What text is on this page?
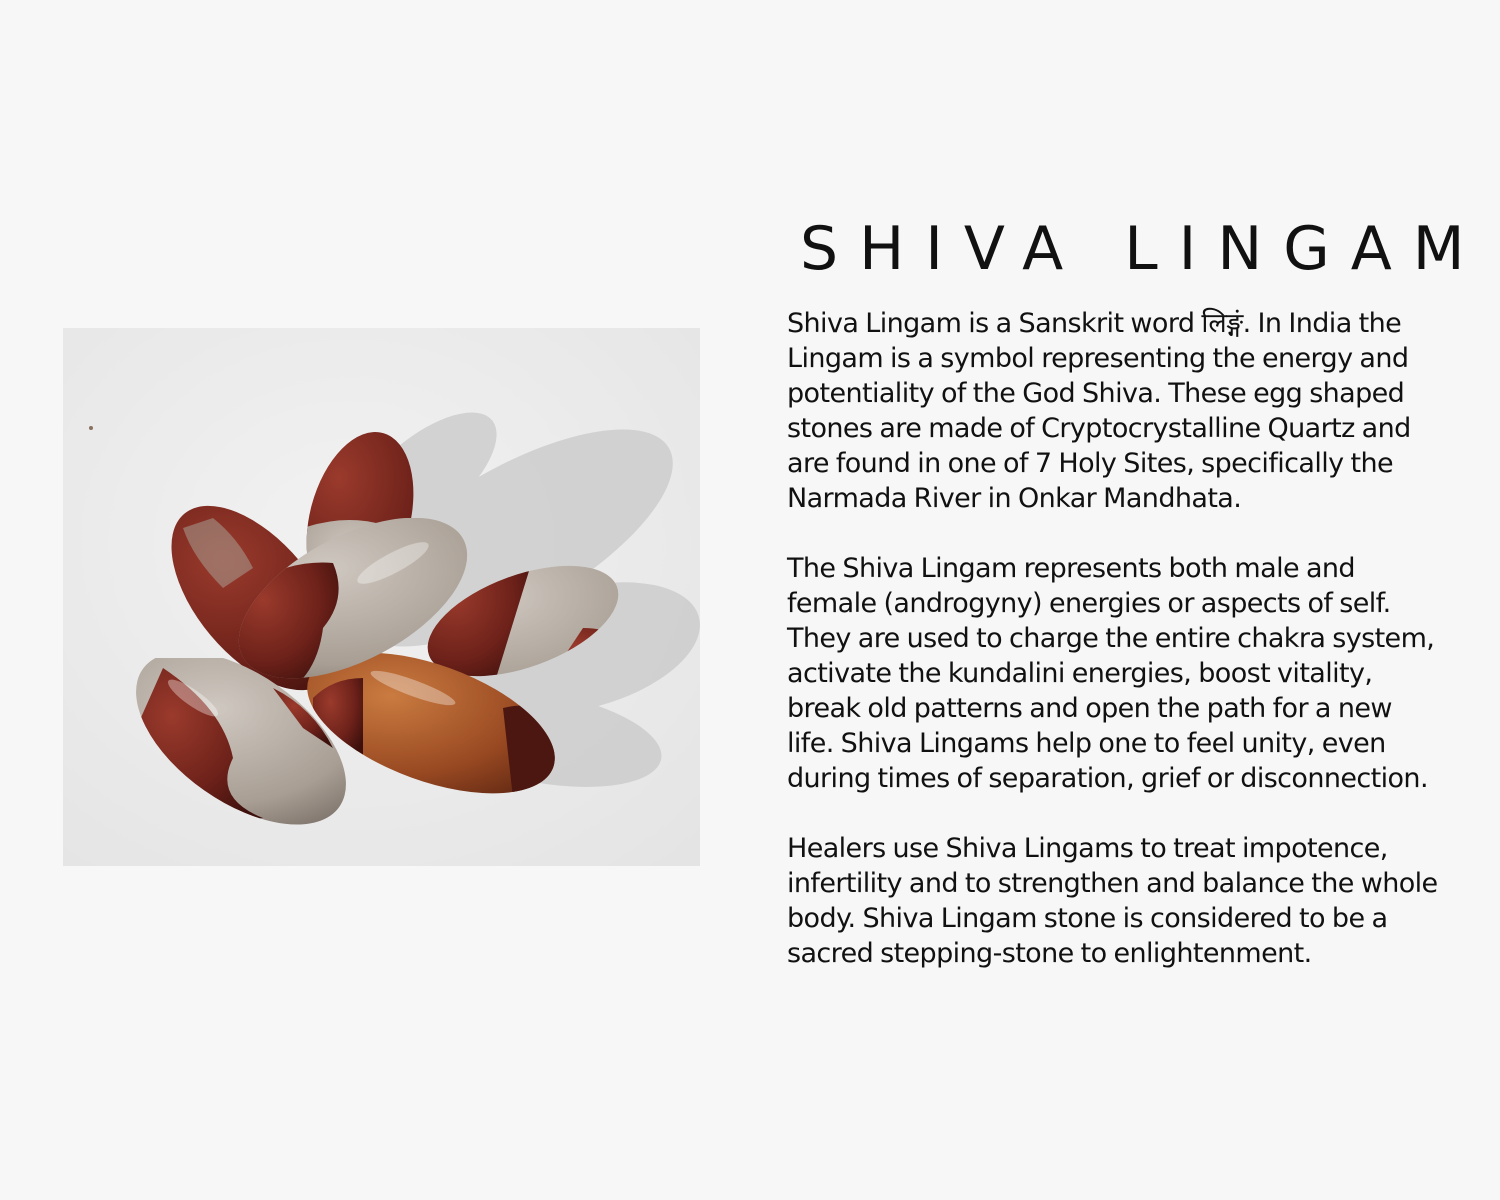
SHIVA LINGAM

Shiva Lingam is a Sanskrit word लिङ्गं. In India the
Lingam is a symbol representing the energy and
potentiality of the God Shiva. These egg shaped
stones are made of Cryptocrystalline Quartz and
are found in one of 7 Holy Sites, specifically the
Narmada River in Onkar Mandhata.

The Shiva Lingam represents both male and
female (androgyny) energies or aspects of self.
They are used to charge the entire chakra system,
activate the kundalini energies, boost vitality,
break old patterns and open the path for a new
life. Shiva Lingams help one to feel unity, even
during times of separation, grief or disconnection.

Healers use Shiva Lingams to treat impotence,
infertility and to strengthen and balance the whole
body. Shiva Lingam stone is considered to be a
sacred stepping-stone to enlightenment.
